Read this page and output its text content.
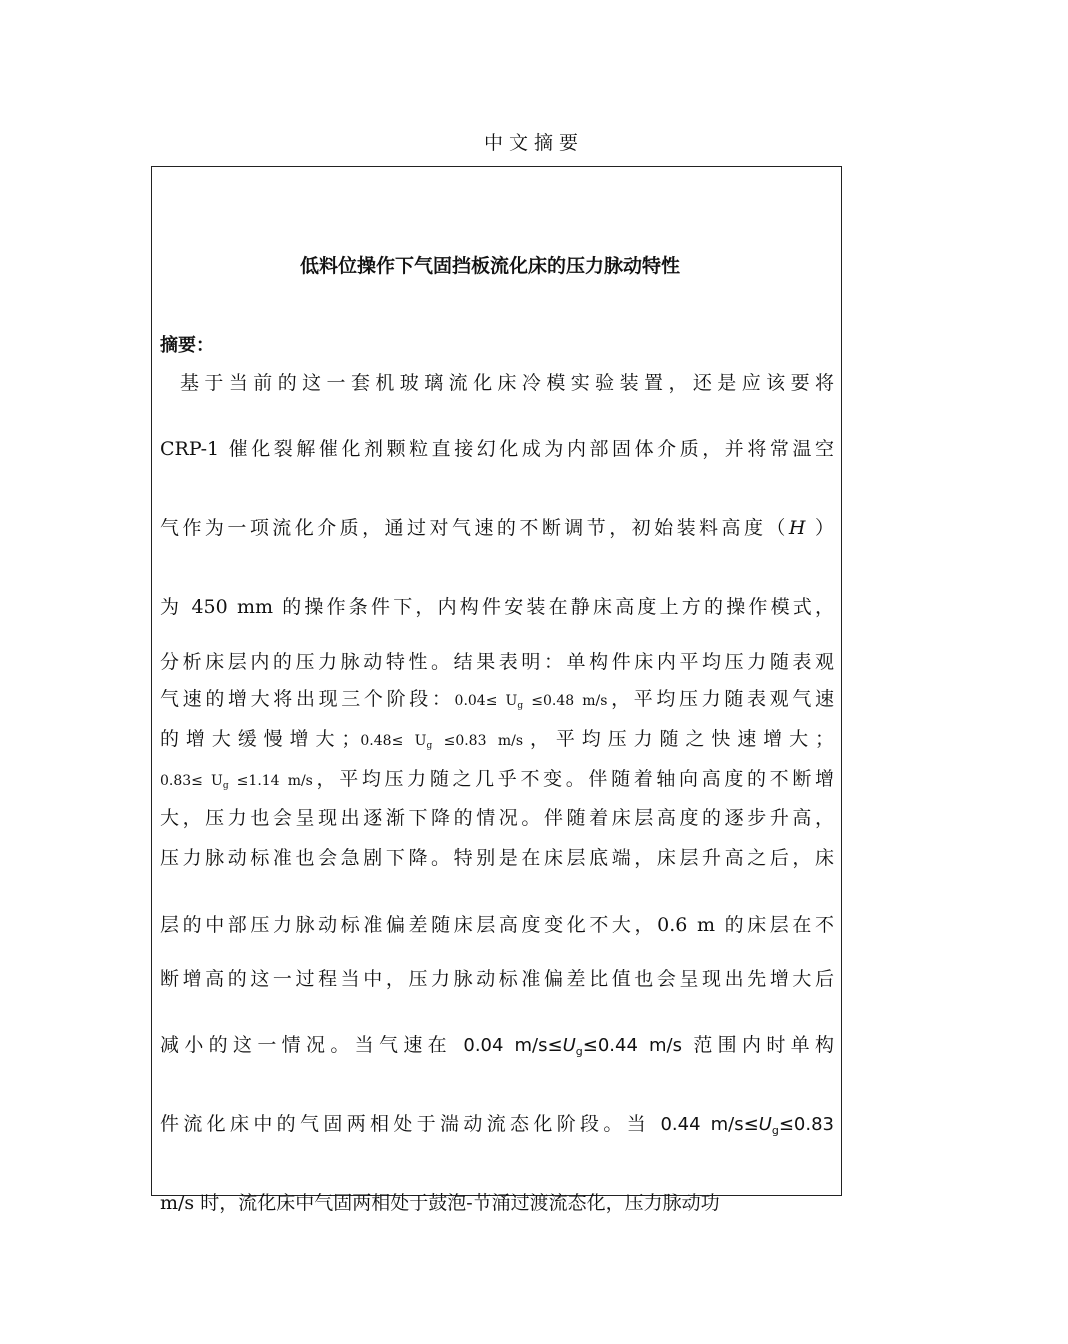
中文摘要
低料位操作下气固挡板流化床的压力脉动特性
摘要：
基于当前的这一套机玻璃流化床冷模实验装置，还是应该要将
CRP-1 催化裂解催化剂颗粒直接幻化成为内部固体介质，并将常温空
气作为一项流化介质，通过对气速的不断调节，初始装料高度（H ）
为 450 mm 的操作条件下，内构件安装在静床高度上方的操作模式，
分析床层内的压力脉动特性。结果表明：单构件床内平均压力随表观
气速的增大将出现三个阶段：$0.04\le U_g \le 0.48$ m/s，平均压力随表观气速
的增大缓慢增大；$0.48\le U_g \le 0.83$ m/s，平均压力随之快速增大；
$0.83\le U_g \le 1.14$ m/s，平均压力随之几乎不变。伴随着轴向高度的不断增
大，压力也会呈现出逐渐下降的情况。伴随着床层高度的逐步升高，
压力脉动标准也会急剧下降。特别是在床层底端，床层升高之后，床
层的中部压力脉动标准偏差随床层高度变化不大，0.6 m 的床层在不
断增高的这一过程当中，压力脉动标准偏差比值也会呈现出先增大后
减小的这一情况。当气速在 0.04 $m/s\le U_g\le 0.44$ m/s 范围内时单构
件流化床中的气固两相处于湍动流态化阶段。当 0.44 $m/s\le U_g\le 0.83$
m/s 时，流化床中气固两相处于鼓泡-节涌过渡流态化，压力脉动功
